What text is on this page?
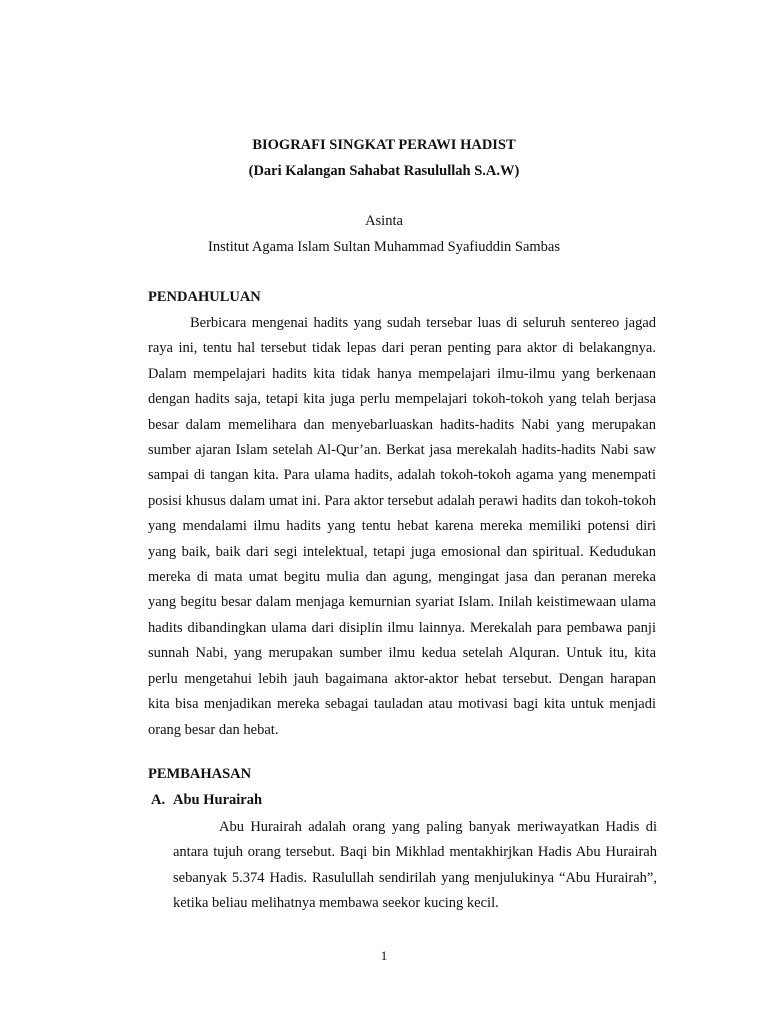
BIOGRAFI SINGKAT PERAWI HADIST
(Dari Kalangan Sahabat Rasulullah S.A.W)
Asinta
Institut Agama Islam Sultan Muhammad Syafiuddin Sambas
PENDAHULUAN

Berbicara mengenai hadits yang sudah tersebar luas di seluruh sentereo jagad raya ini, tentu hal tersebut tidak lepas dari peran penting para aktor di belakangnya. Dalam mempelajari hadits kita tidak hanya mempelajari ilmu-ilmu yang berkenaan dengan hadits saja, tetapi kita juga perlu mempelajari tokoh-tokoh yang telah berjasa besar dalam memelihara dan menyebarluaskan hadits-hadits Nabi yang merupakan sumber ajaran Islam setelah Al-Qur’an. Berkat jasa merekalah hadits-hadits Nabi saw sampai di tangan kita. Para ulama hadits, adalah tokoh-tokoh agama yang menempati posisi khusus dalam umat ini. Para aktor tersebut adalah perawi hadits dan tokoh-tokoh yang mendalami ilmu hadits yang tentu hebat karena mereka memiliki potensi diri yang baik, baik dari segi intelektual, tetapi juga emosional dan spiritual. Kedudukan mereka di mata umat begitu mulia dan agung, mengingat jasa dan peranan mereka yang begitu besar dalam menjaga kemurnian syariat Islam. Inilah keistimewaan ulama hadits dibandingkan ulama dari disiplin ilmu lainnya. Merekalah para pembawa panji sunnah Nabi, yang merupakan sumber ilmu kedua setelah Alquran. Untuk itu, kita perlu mengetahui lebih jauh bagaimana aktor-aktor hebat tersebut. Dengan harapan kita bisa menjadikan mereka sebagai tauladan atau motivasi bagi kita untuk menjadi orang besar dan hebat.

PEMBAHASAN
A. Abu Hurairah

Abu Hurairah adalah orang yang paling banyak meriwayatkan Hadis di antara tujuh orang tersebut. Baqi bin Mikhlad mentakhirjkan Hadis Abu Hurairah sebanyak 5.374 Hadis. Rasulullah sendirilah yang menjulukinya “Abu Hurairah”, ketika beliau melihatnya membawa seekor kucing kecil.

1
